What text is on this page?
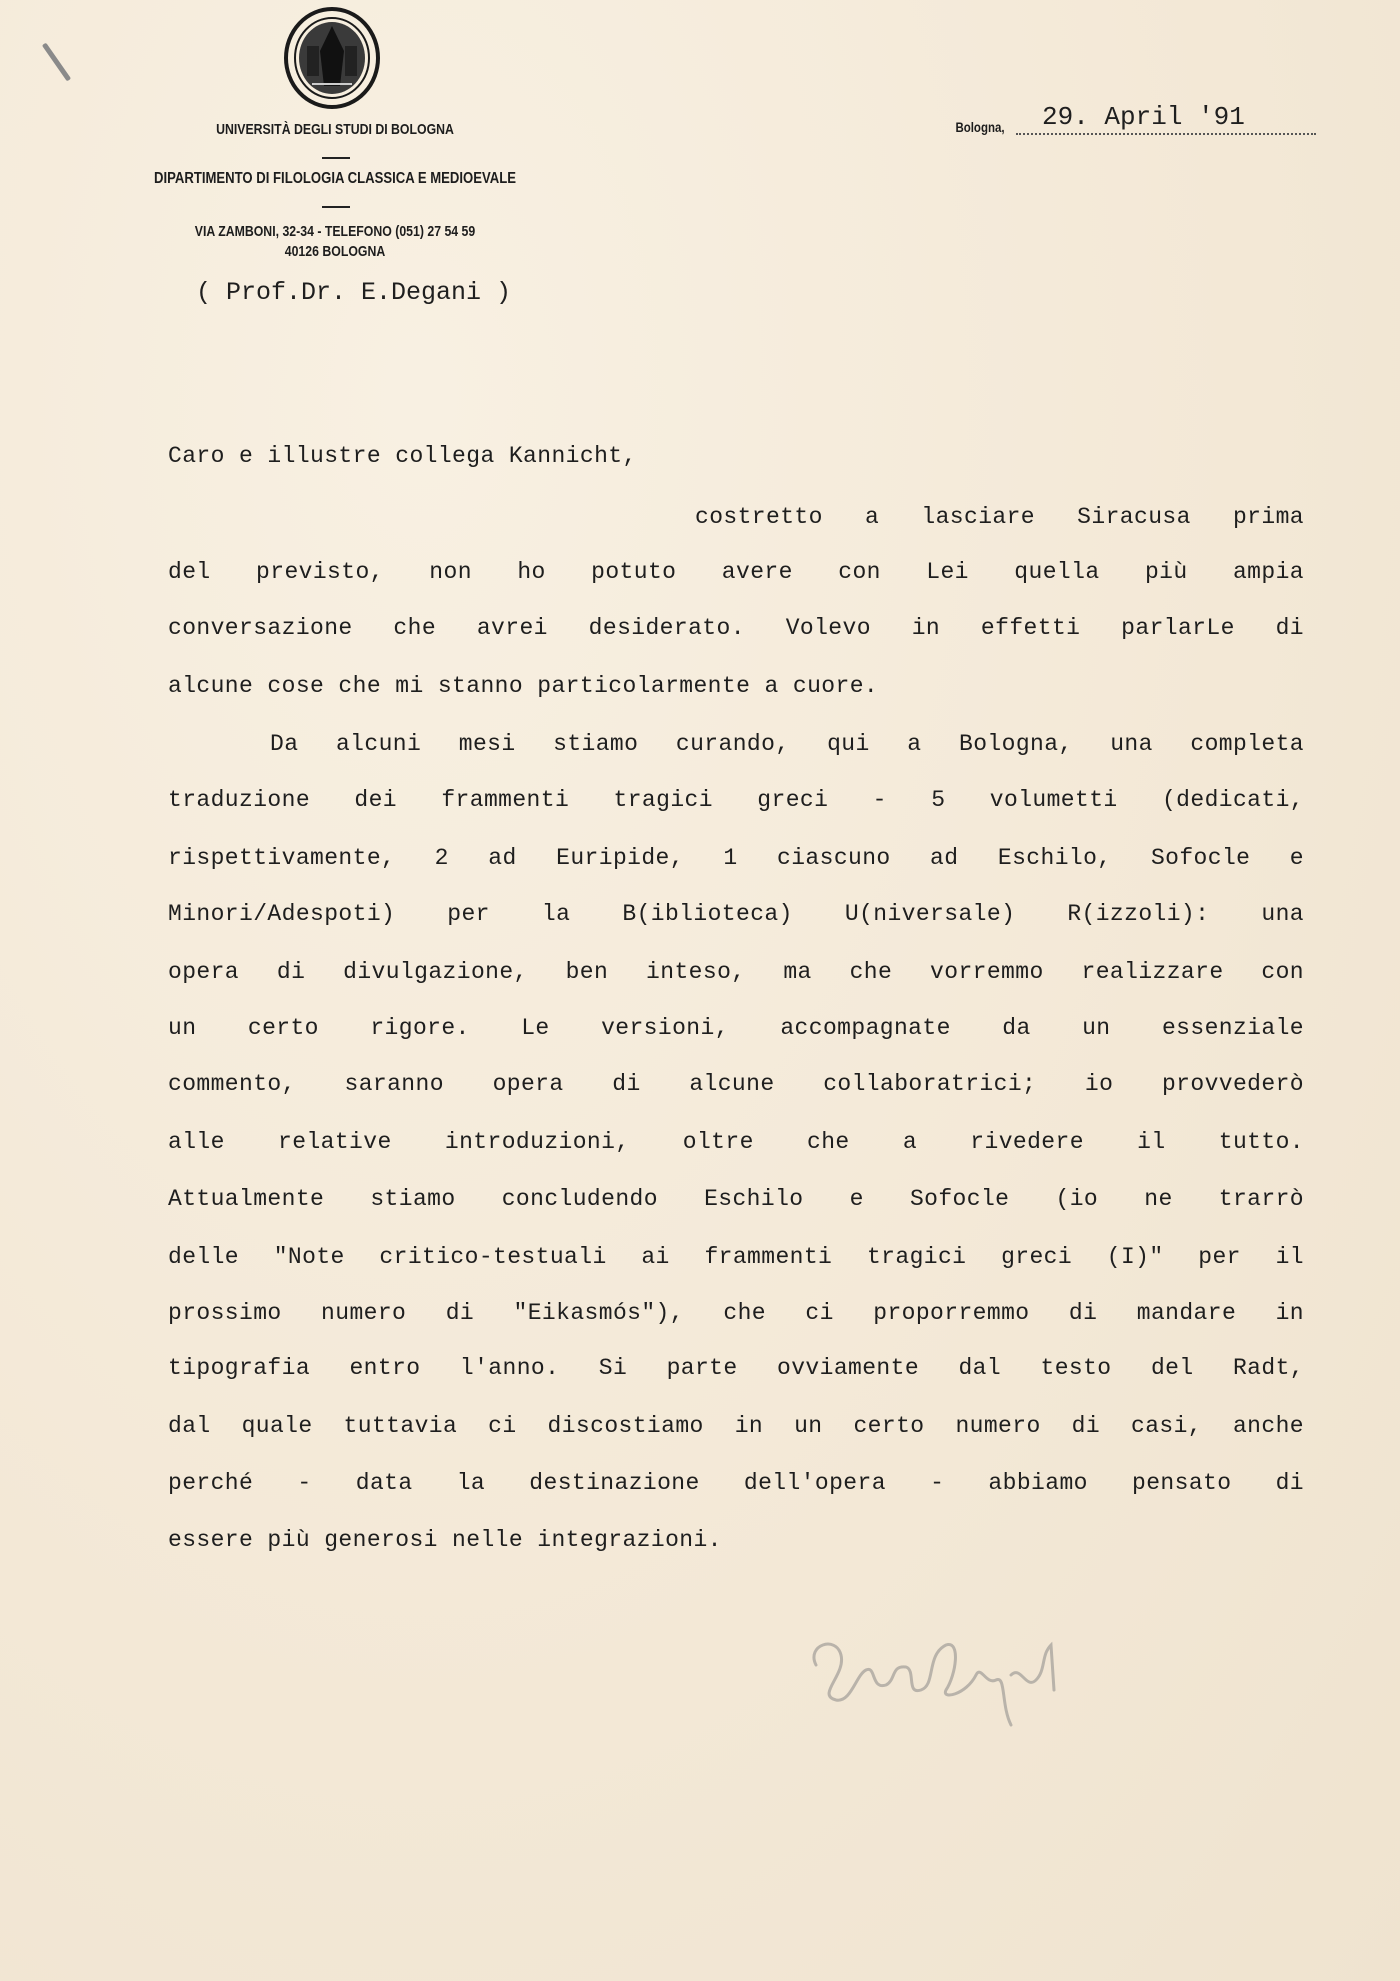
UNIVERSITÀ DEGLI STUDI DI BOLOGNA
DIPARTIMENTO DI FILOLOGIA CLASSICA E MEDIOEVALE
VIA ZAMBONI, 32-34 - TELEFONO (051) 27 54 59
40126 BOLOGNA
( Prof.Dr. E.Degani )
Bologna,	29. April '91
Caro e illustre collega Kannicht,
costretto a lasciare Siracusa prima
del previsto, non ho potuto avere con Lei quella più ampia
conversazione che avrei desiderato. Volevo in effetti parlarLe di
alcune cose che mi stanno particolarmente a cuore.
Da alcuni mesi stiamo curando, qui a Bologna, una completa
traduzione dei frammenti tragici greci - 5 volumetti (dedicati,
rispettivamente, 2 ad Euripide, 1 ciascuno ad Eschilo, Sofocle e
Minori/Adespoti) per la B(iblioteca) U(niversale) R(izzoli): una
opera di divulgazione, ben inteso, ma che vorremmo realizzare con
un certo rigore. Le versioni, accompagnate da un essenziale
commento, saranno opera di alcune collaboratrici; io provvederò
alle relative introduzioni, oltre che a rivedere il tutto.
Attualmente stiamo concludendo Eschilo e Sofocle (io ne trarrò
delle "Note critico-testuali ai frammenti tragici greci (I)" per il
prossimo numero di "Eikasmós"), che ci proporremmo di mandare in
tipografia entro l'anno. Si parte ovviamente dal testo del Radt,
dal quale tuttavia ci discostiamo in un certo numero di casi, anche
perché - data la destinazione dell'opera - abbiamo pensato di
essere più generosi nelle integrazioni.
